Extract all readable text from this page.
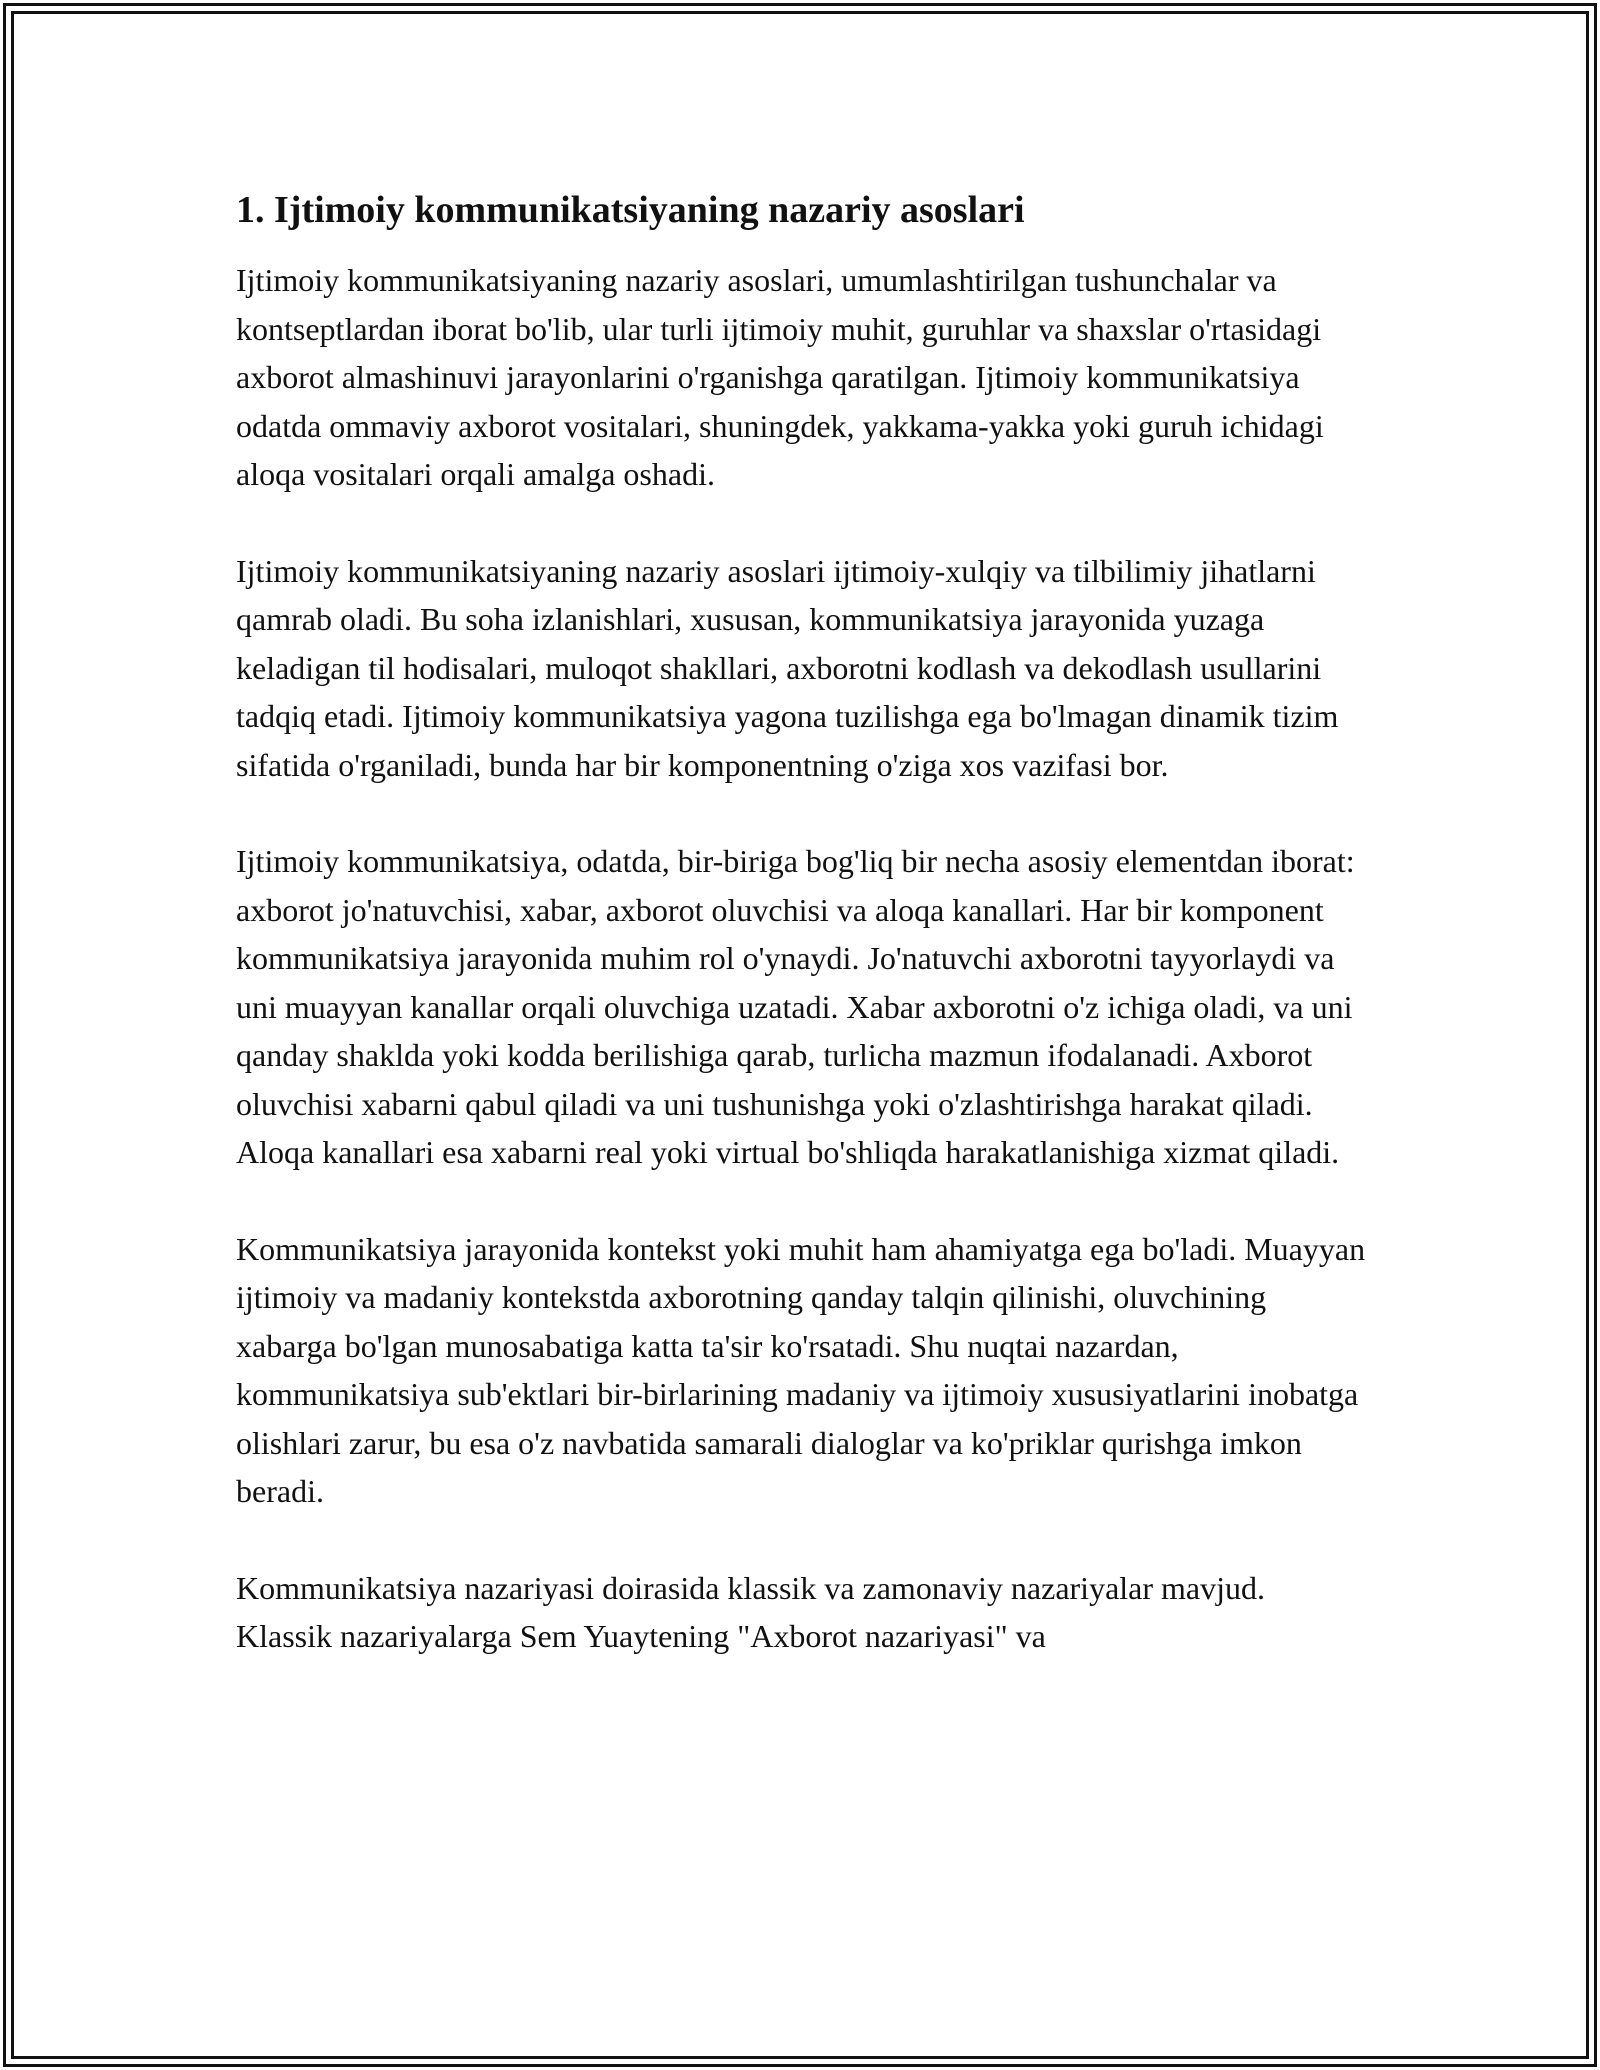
1. Ijtimoiy kommunikatsiyaning nazariy asoslari

Ijtimoiy kommunikatsiyaning nazariy asoslari, umumlashtirilgan tushunchalar va kontseptlardan iborat bo'lib, ular turli ijtimoiy muhit, guruhlar va shaxslar o'rtasidagi axborot almashinuvi jarayonlarini o'rganishga qaratilgan. Ijtimoiy kommunikatsiya odatda ommaviy axborot vositalari, shuningdek, yakkama-yakka yoki guruh ichidagi aloqa vositalari orqali amalga oshadi.

Ijtimoiy kommunikatsiyaning nazariy asoslari ijtimoiy-xulqiy va tilbilimiy jihatlarni qamrab oladi. Bu soha izlanishlari, xususan, kommunikatsiya jarayonida yuzaga keladigan til hodisalari, muloqot shakllari, axborotni kodlash va dekodlash usullarini tadqiq etadi. Ijtimoiy kommunikatsiya yagona tuzilishga ega bo'lmagan dinamik tizim sifatida o'rganiladi, bunda har bir komponentning o'ziga xos vazifasi bor.

Ijtimoiy kommunikatsiya, odatda, bir-biriga bog'liq bir necha asosiy elementdan iborat: axborot jo'natuvchisi, xabar, axborot oluvchisi va aloqa kanallari. Har bir komponent kommunikatsiya jarayonida muhim rol o'ynaydi. Jo'natuvchi axborotni tayyorlaydi va uni muayyan kanallar orqali oluvchiga uzatadi. Xabar axborotni o'z ichiga oladi, va uni qanday shaklda yoki kodda berilishiga qarab, turlicha mazmun ifodalanadi. Axborot oluvchisi xabarni qabul qiladi va uni tushunishga yoki o'zlashtirishga harakat qiladi. Aloqa kanallari esa xabarni real yoki virtual bo'shliqda harakatlanishiga xizmat qiladi.

Kommunikatsiya jarayonida kontekst yoki muhit ham ahamiyatga ega bo'ladi. Muayyan ijtimoiy va madaniy kontekstda axborotning qanday talqin qilinishi, oluvchining xabarga bo'lgan munosabatiga katta ta'sir ko'rsatadi. Shu nuqtai nazardan, kommunikatsiya sub'ektlari bir-birlarining madaniy va ijtimoiy xususiyatlarini inobatga olishlari zarur, bu esa o'z navbatida samarali dialoglar va ko'priklar qurishga imkon beradi.

Kommunikatsiya nazariyasi doirasida klassik va zamonaviy nazariyalar mavjud. Klassik nazariyalarga Sem Yuaytening "Axborot nazariyasi" va
